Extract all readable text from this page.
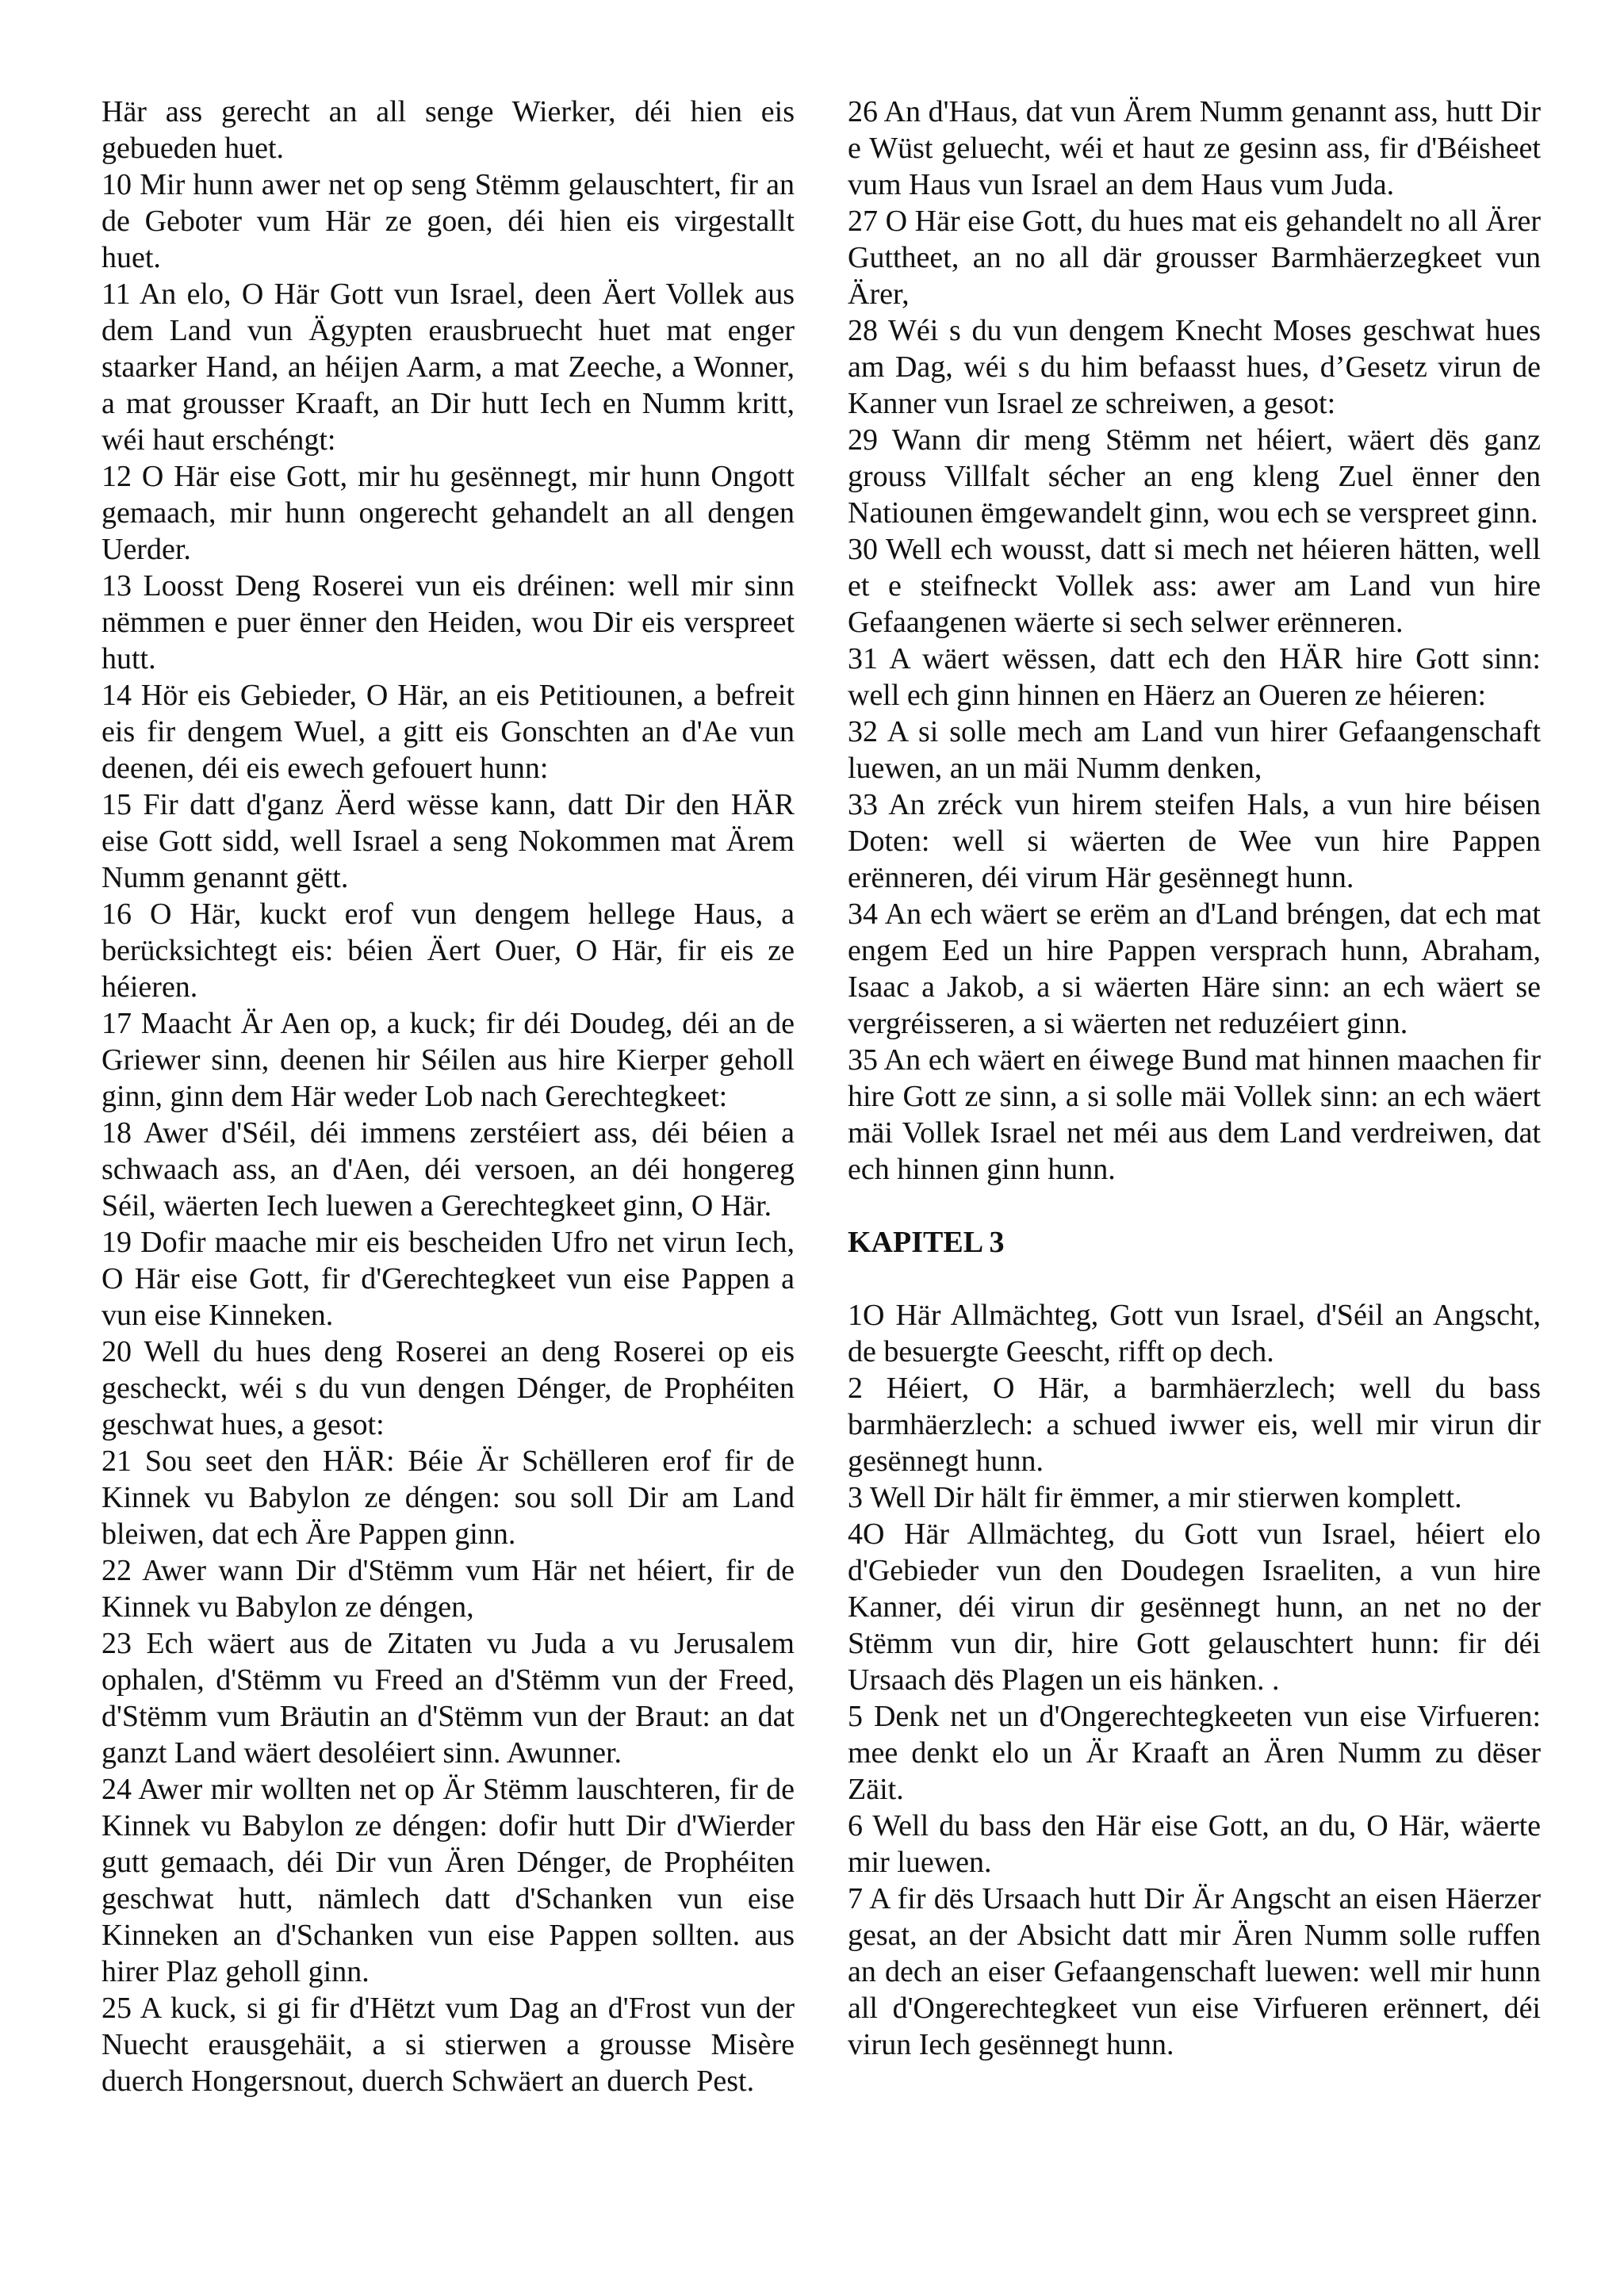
Här ass gerecht an all senge Wierker, déi hien eis gebueden huet.

10 Mir hunn awer net op seng Stëmm gelauschtert, fir an de Geboter vum Här ze goen, déi hien eis virgestallt huet.

11 An elo, O Här Gott vun Israel, deen Äert Vollek aus dem Land vun Ägypten erausbruecht huet mat enger staarker Hand, an héijen Aarm, a mat Zeeche, a Wonner, a mat grousser Kraaft, an Dir hutt Iech en Numm kritt, wéi haut erschéngt:

12 O Här eise Gott, mir hu gesënnegt, mir hunn Ongott gemaach, mir hunn ongerecht gehandelt an all dengen Uerder.

13 Loosst Deng Roserei vun eis dréinen: well mir sinn nëmmen e puer ënner den Heiden, wou Dir eis verspreet hutt.

14 Hör eis Gebieder, O Här, an eis Petitiounen, a befreit eis fir dengem Wuel, a gitt eis Gonschten an d'Ae vun deenen, déi eis ewech gefouert hunn:

15 Fir datt d'ganz Äerd wësse kann, datt Dir den HÄR eise Gott sidd, well Israel a seng Nokommen mat Ärem Numm genannt gëtt.

16 O Här, kuckt erof vun dengem hellege Haus, a berücksichtegt eis: béien Äert Ouer, O Här, fir eis ze héieren.

17 Maacht Är Aen op, a kuck; fir déi Doudeg, déi an de Griewer sinn, deenen hir Séilen aus hire Kierper geholl ginn, ginn dem Här weder Lob nach Gerechtegkeet:

18 Awer d'Séil, déi immens zerstéiert ass, déi béien a schwaach ass, an d'Aen, déi versoen, an déi hongereg Séil, wäerten Iech luewen a Gerechtegkeet ginn, O Här.

19 Dofir maache mir eis bescheiden Ufro net virun Iech, O Här eise Gott, fir d'Gerechtegkeet vun eise Pappen a vun eise Kinneken.

20 Well du hues deng Roserei an deng Roserei op eis gescheckt, wéi s du vun dengen Dénger, de Prophéiten geschwat hues, a gesot:

21 Sou seet den HÄR: Béie Är Schëlleren erof fir de Kinnek vu Babylon ze déngen: sou soll Dir am Land bleiwen, dat ech Äre Pappen ginn.

22 Awer wann Dir d'Stëmm vum Här net héiert, fir de Kinnek vu Babylon ze déngen,

23 Ech wäert aus de Zitaten vu Juda a vu Jerusalem ophalen, d'Stëmm vu Freed an d'Stëmm vun der Freed, d'Stëmm vum Bräutin an d'Stëmm vun der Braut: an dat ganzt Land wäert desoléiert sinn. Awunner.

24 Awer mir wollten net op Är Stëmm lauschteren, fir de Kinnek vu Babylon ze déngen: dofir hutt Dir d'Wierder gutt gemaach, déi Dir vun Ären Dénger, de Prophéiten geschwat hutt, nämlech datt d'Schanken vun eise Kinneken an d'Schanken vun eise Pappen sollten. aus hirer Plaz geholl ginn.

25 A kuck, si gi fir d'Hëtzt vum Dag an d'Frost vun der Nuecht erausgehäit, a si stierwen a grousse Misère duerch Hongersnout, duerch Schwäert an duerch Pest.

26 An d'Haus, dat vun Ärem Numm genannt ass, hutt Dir e Wüst geluecht, wéi et haut ze gesinn ass, fir d'Béisheet vum Haus vun Israel an dem Haus vum Juda.

27 O Här eise Gott, du hues mat eis gehandelt no all Ärer Guttheet, an no all där grousser Barmhäerzegkeet vun Ärer,

28 Wéi s du vun dengem Knecht Moses geschwat hues am Dag, wéi s du him befaasst hues, d’Gesetz virun de Kanner vun Israel ze schreiwen, a gesot:

29 Wann dir meng Stëmm net héiert, wäert dës ganz grouss Villfalt sécher an eng kleng Zuel ënner den Natiounen ëmgewandelt ginn, wou ech se verspreet ginn.

30 Well ech wousst, datt si mech net héieren hätten, well et e steifneckt Vollek ass: awer am Land vun hire Gefaangenen wäerte si sech selwer erënneren.

31 A wäert wëssen, datt ech den HÄR hire Gott sinn: well ech ginn hinnen en Häerz an Oueren ze héieren:

32 A si solle mech am Land vun hirer Gefaangenschaft luewen, an un mäi Numm denken,

33 An zréck vun hirem steifen Hals, a vun hire béisen Doten: well si wäerten de Wee vun hire Pappen erënneren, déi virum Här gesënnegt hunn.

34 An ech wäert se erëm an d'Land bréngen, dat ech mat engem Eed un hire Pappen versprach hunn, Abraham, Isaac a Jakob, a si wäerten Häre sinn: an ech wäert se vergréisseren, a si wäerten net reduzéiert ginn.

35 An ech wäert en éiwege Bund mat hinnen maachen fir hire Gott ze sinn, a si solle mäi Vollek sinn: an ech wäert mäi Vollek Israel net méi aus dem Land verdreiwen, dat ech hinnen ginn hunn.

KAPITEL 3

1O Här Allmächteg, Gott vun Israel, d'Séil an Angscht, de besuergte Geescht, rifft op dech.

2 Héiert, O Här, a barmhäerzlech; well du bass barmhäerzlech: a schued iwwer eis, well mir virun dir gesënnegt hunn.

3 Well Dir hält fir ëmmer, a mir stierwen komplett.

4O Här Allmächteg, du Gott vun Israel, héiert elo d'Gebieder vun den Doudegen Israeliten, a vun hire Kanner, déi virun dir gesënnegt hunn, an net no der Stëmm vun dir, hire Gott gelauschtert hunn: fir déi Ursaach dës Plagen un eis hänken. .

5 Denk net un d'Ongerechtegkeeten vun eise Virfueren: mee denkt elo un Är Kraaft an Ären Numm zu dëser Zäit.

6 Well du bass den Här eise Gott, an du, O Här, wäerte mir luewen.

7 A fir dës Ursaach hutt Dir Är Angscht an eisen Häerzer gesat, an der Absicht datt mir Ären Numm solle ruffen an dech an eiser Gefaangenschaft luewen: well mir hunn all d'Ongerechtegkeet vun eise Virfueren erënnert, déi virun Iech gesënnegt hunn.
